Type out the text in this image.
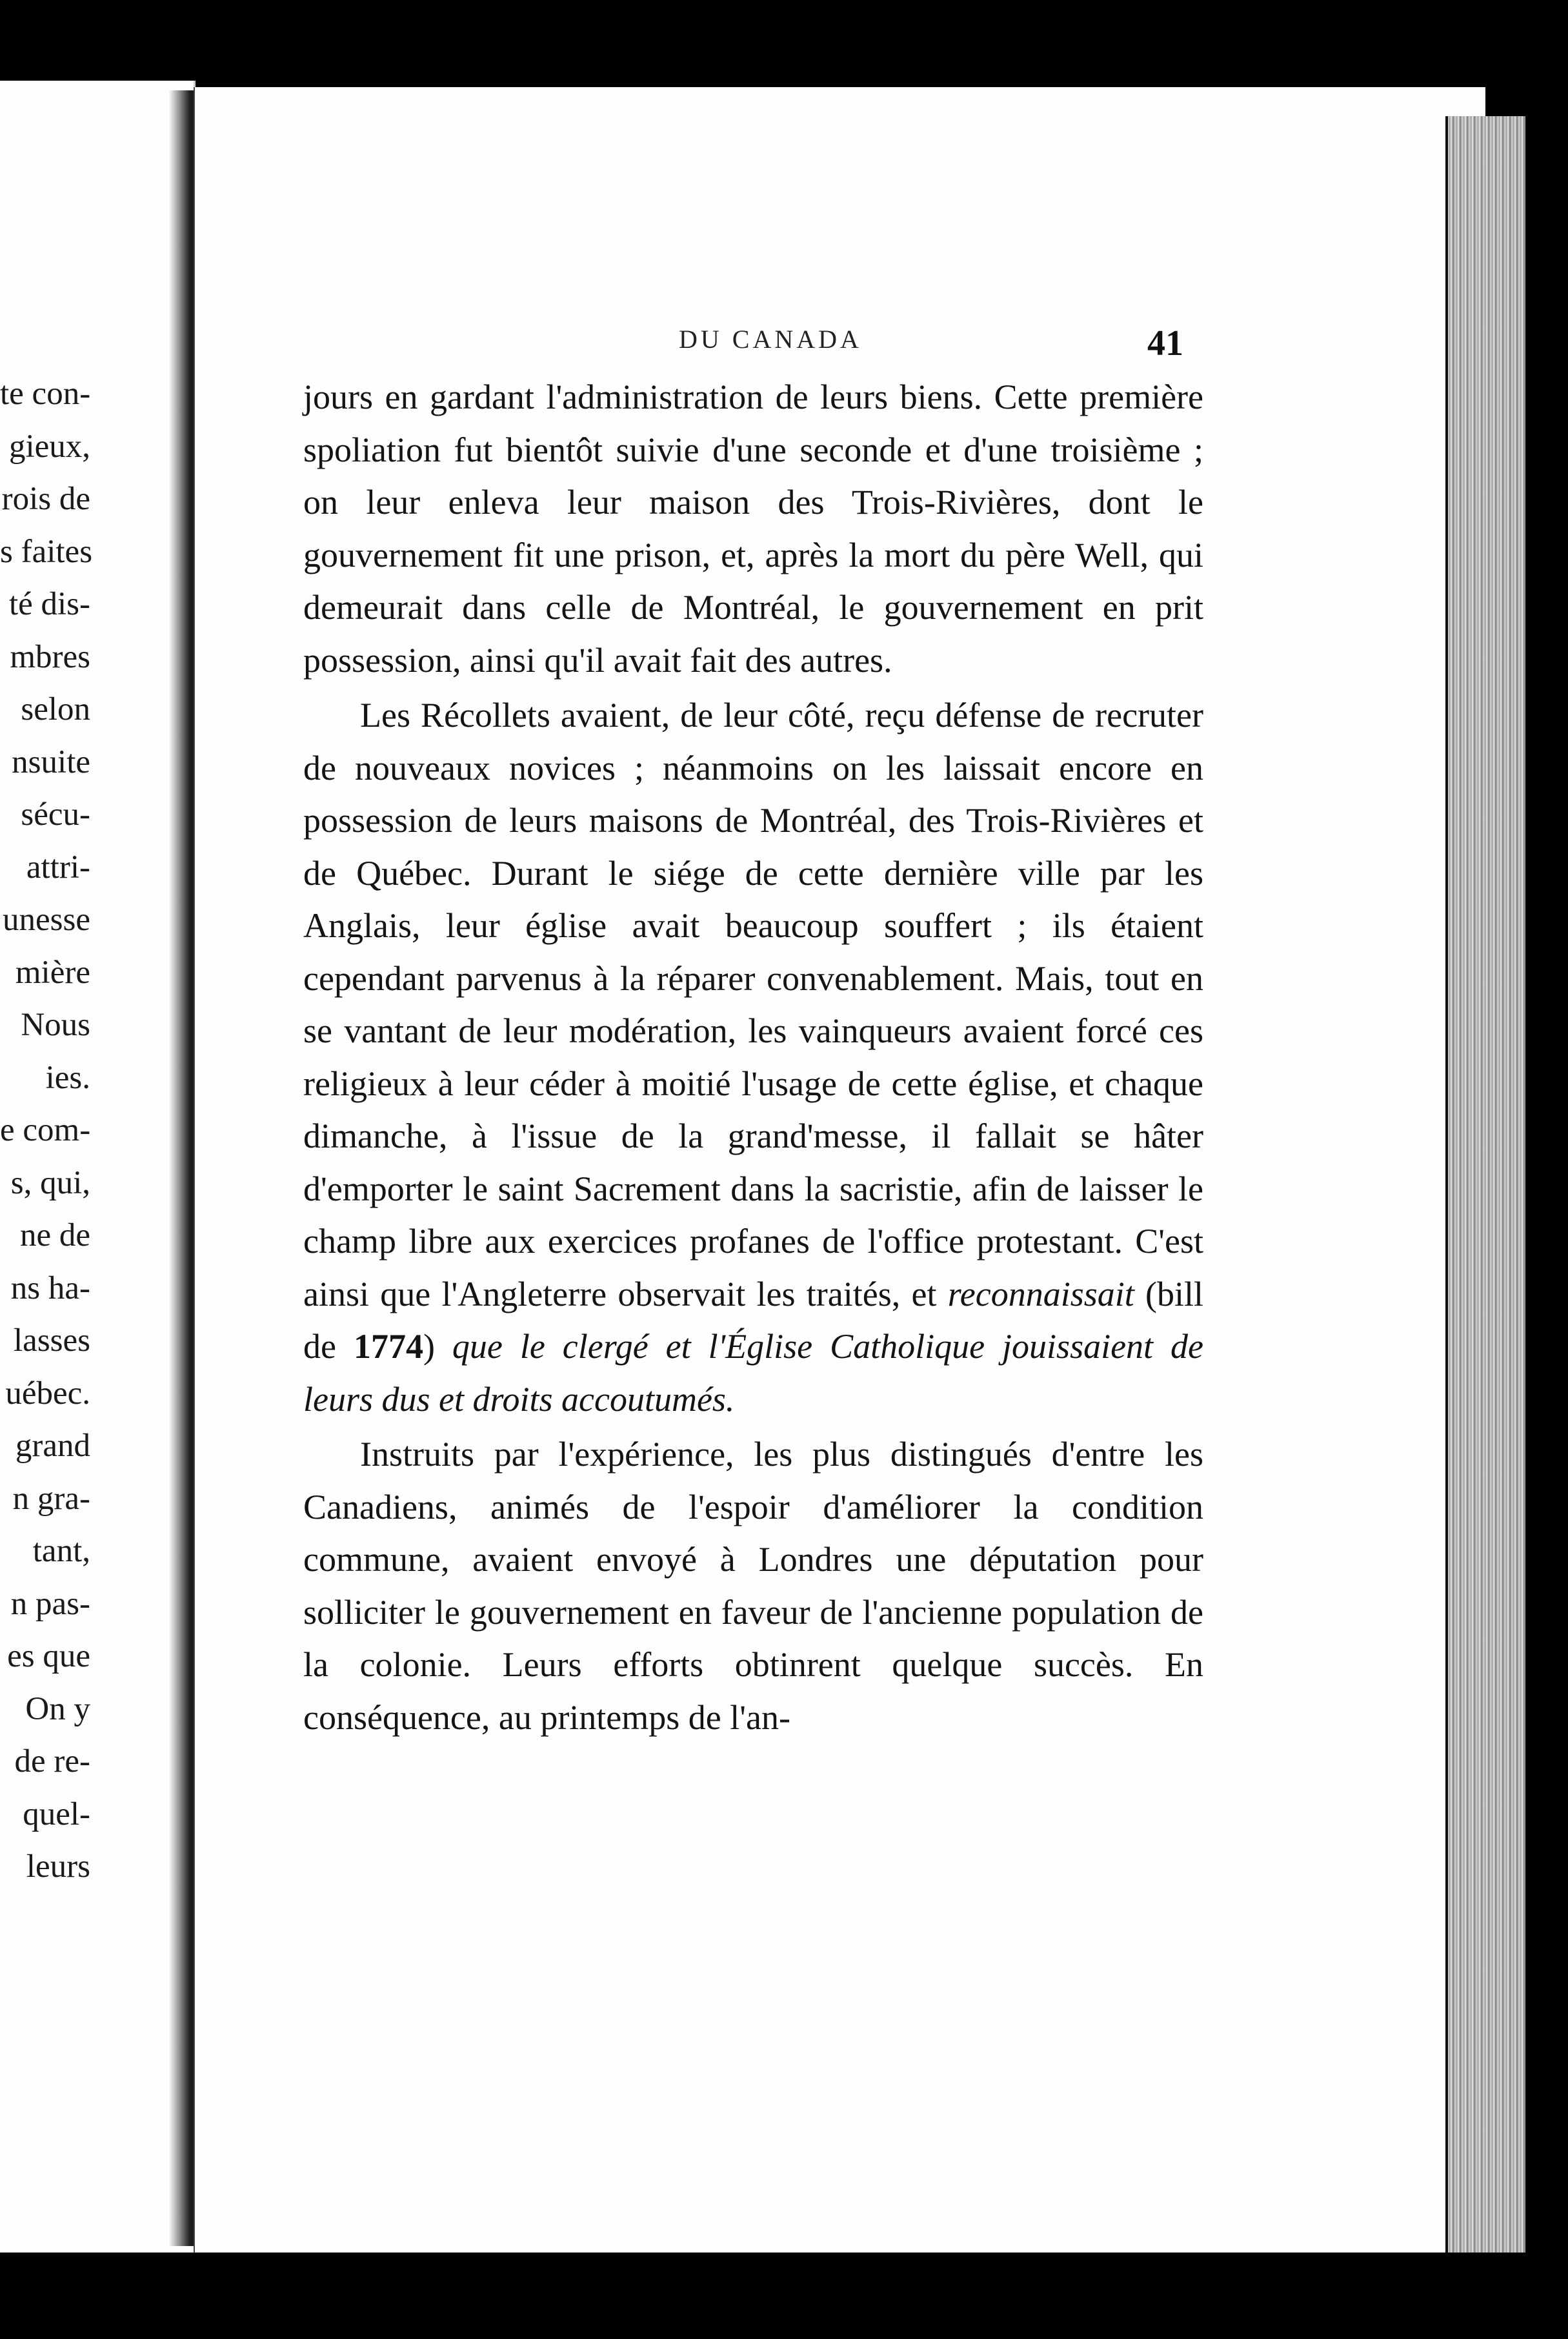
te con-
gieux,
rois de
s faites
té dis-
mbres
selon
nsuite
sécu-
attri-
unesse
mière
Nous
ies.
e com-
s, qui,
ne de
ns ha-
lasses
uébec.
grand
n gra-
tant,
n pas-
es que
On y
de re-
quel-
leurs
DU CANADA	41

jours en gardant l'administration de leurs biens. Cette première spoliation fut bientôt suivie d'une seconde et d'une troisième ; on leur enleva leur maison des Trois-Rivières, dont le gouvernement fit une prison, et, après la mort du père Well, qui demeurait dans celle de Montréal, le gouvernement en prit possession, ainsi qu'il avait fait des autres.

Les Récollets avaient, de leur côté, reçu défense de recruter de nouveaux novices ; néanmoins on les laissait encore en possession de leurs maisons de Montréal, des Trois-Rivières et de Québec. Durant le siége de cette dernière ville par les Anglais, leur église avait beaucoup souffert ; ils étaient cependant parvenus à la réparer convenablement. Mais, tout en se vantant de leur modération, les vainqueurs avaient forcé ces religieux à leur céder à moitié l'usage de cette église, et chaque dimanche, à l'issue de la grand'messe, il fallait se hâter d'emporter le saint Sacrement dans la sacristie, afin de laisser le champ libre aux exercices profanes de l'office protestant. C'est ainsi que l'Angleterre observait les traités, et reconnaissait (bill de 1774) que le clergé et l'Église Catholique jouissaient de leurs dus et droits accoutumés.

Instruits par l'expérience, les plus distingués d'entre les Canadiens, animés de l'espoir d'améliorer la condition commune, avaient envoyé à Londres une députation pour solliciter le gouvernement en faveur de l'ancienne population de la colonie. Leurs efforts obtinrent quelque succès. En conséquence, au printemps de l'an-
